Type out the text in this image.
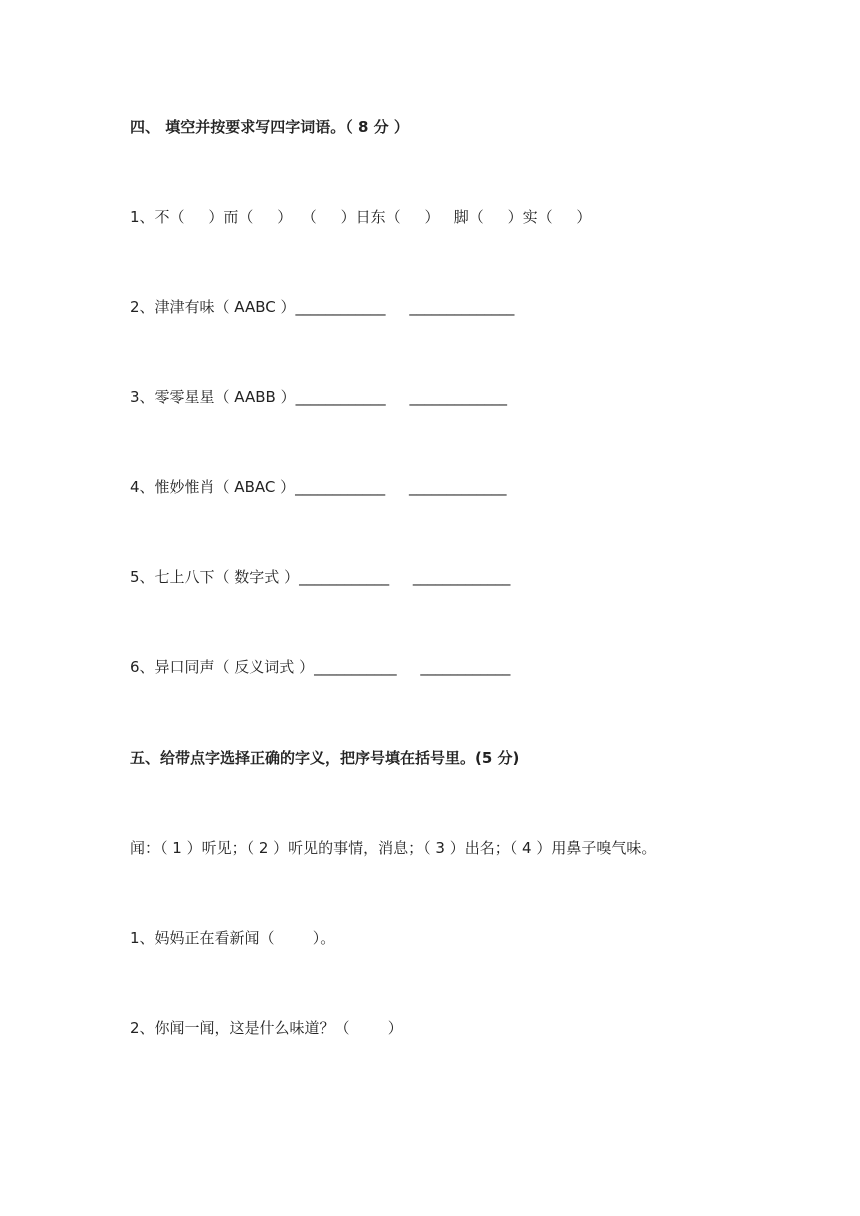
四、 填空并按要求写四字词语。（ 8 分 ）
1、不（     ）而（     ）  （     ）日东（     ）   脚（     ）实（     ）
2、津津有味（ AABC ）____________     ______________
3、零零星星（ AABB ）____________     _____________
4、惟妙惟肖（ ABAC ）____________     _____________
5、七上八下（ 数字式 ）____________     _____________
6、异口同声（ 反义词式 ）___________     ____________
五、给带点字选择正确的字义，把序号填在括号里。(5 分)
闻：（ 1 ）听见；（ 2 ）听见的事情，消息；（ 3 ）出名；（ 4 ）用鼻子嗅气味。
1、妈妈正在看新闻（        ）。
2、你闻一闻，这是什么味道？（        ）
